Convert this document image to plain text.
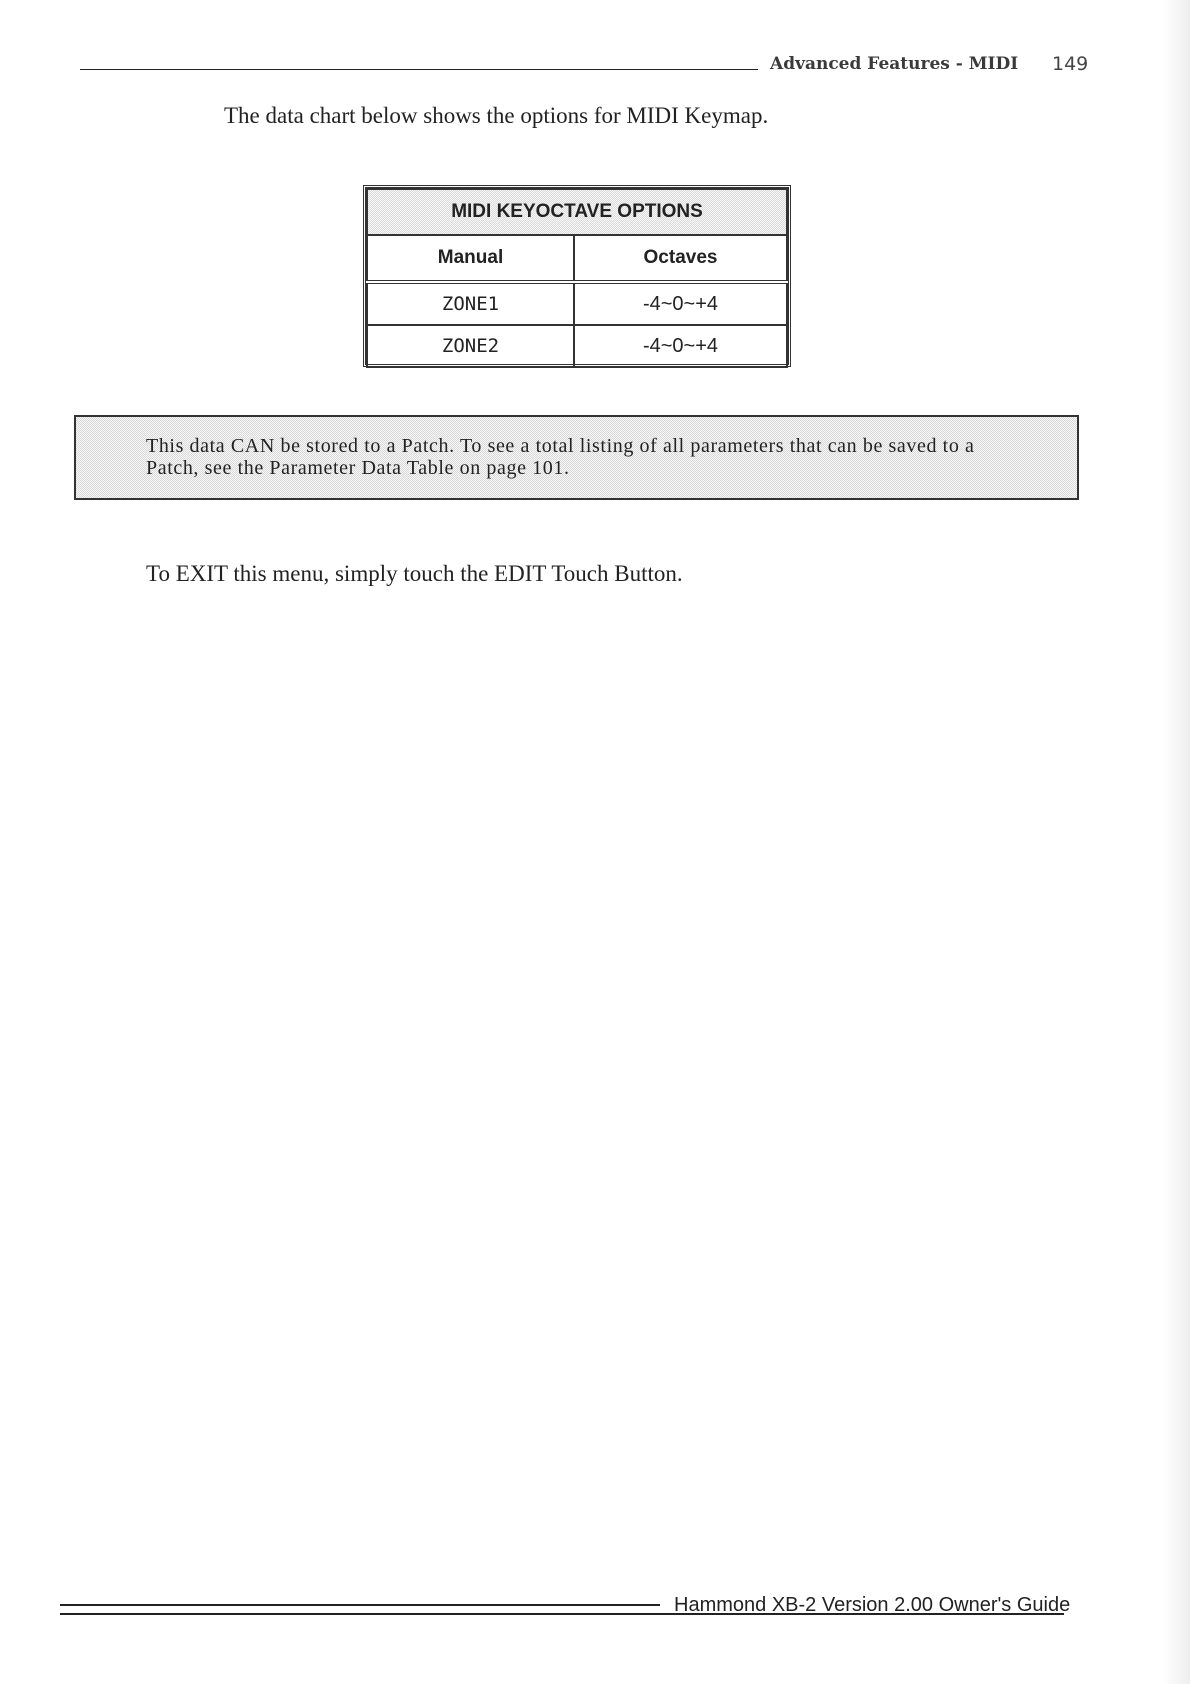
Advanced Features - MIDI 149
The data chart below shows the options for MIDI Keymap.
MIDI KEYOCTAVE OPTIONS	
Manual	Octaves
ZONE1	-4~0~+4
ZONE2	-4~0~+4
This data CAN be stored to a Patch. To see a total listing of all parameters that can be saved to a Patch, see the Parameter Data Table on page 101.
To EXIT this menu, simply touch the EDIT Touch Button.
Hammond XB-2 Version 2.00 Owner's Guide
